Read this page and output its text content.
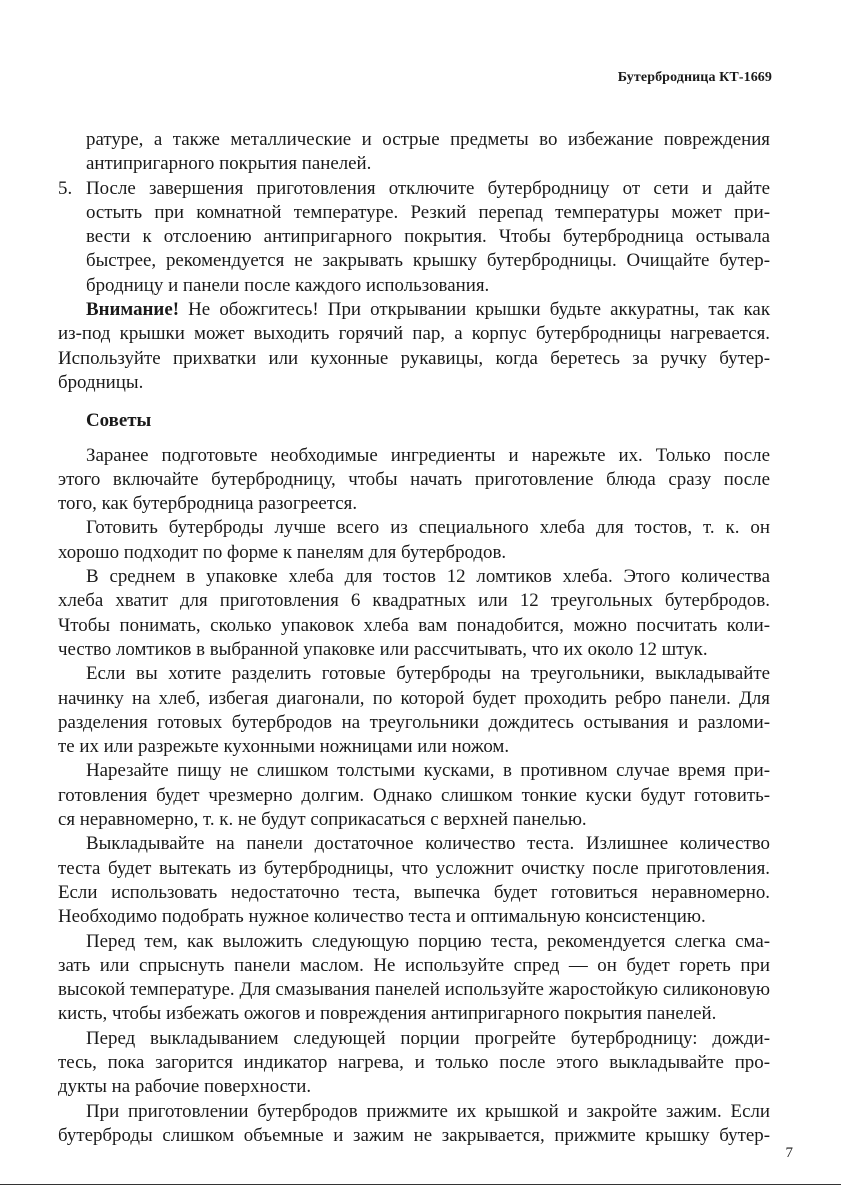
Бутербродница КТ-1669

ратуре, а также металлические и острые предметы во избежание повреждения
антипригарного покрытия панелей.

5. После завершения приготовления отключите бутербродницу от сети и дайте
остыть при комнатной температуре. Резкий перепад температуры может при-
вести к отслоению антипригарного покрытия. Чтобы бутербродница остывала
быстрее, рекомендуется не закрывать крышку бутербродницы. Очищайте бутер-
бродницу и панели после каждого использования.

Внимание! Не обожгитесь! При открывании крышки будьте аккуратны, так как
из-под крышки может выходить горячий пар, а корпус бутербродницы нагревается.
Используйте прихватки или кухонные рукавицы, когда беретесь за ручку бутер-
бродницы.

Советы

Заранее подготовьте необходимые ингредиенты и нарежьте их. Только после
этого включайте бутербродницу, чтобы начать приготовление блюда сразу после
того, как бутербродница разогреется.

Готовить бутерброды лучше всего из специального хлеба для тостов, т. к. он
хорошо подходит по форме к панелям для бутербродов.

В среднем в упаковке хлеба для тостов 12 ломтиков хлеба. Этого количества
хлеба хватит для приготовления 6 квадратных или 12 треугольных бутербродов.
Чтобы понимать, сколько упаковок хлеба вам понадобится, можно посчитать коли-
чество ломтиков в выбранной упаковке или рассчитывать, что их около 12 штук.

Если вы хотите разделить готовые бутерброды на треугольники, выкладывайте
начинку на хлеб, избегая диагонали, по которой будет проходить ребро панели. Для
разделения готовых бутербродов на треугольники дождитесь остывания и разломи-
те их или разрежьте кухонными ножницами или ножом.

Нарезайте пищу не слишком толстыми кусками, в противном случае время при-
готовления будет чрезмерно долгим. Однако слишком тонкие куски будут готовить-
ся неравномерно, т. к. не будут соприкасаться с верхней панелью.

Выкладывайте на панели достаточное количество теста. Излишнее количество
теста будет вытекать из бутербродницы, что усложнит очистку после приготовления.
Если использовать недостаточно теста, выпечка будет готовиться неравномерно.
Необходимо подобрать нужное количество теста и оптимальную консистенцию.

Перед тем, как выложить следующую порцию теста, рекомендуется слегка сма-
зать или спрыснуть панели маслом. Не используйте спред — он будет гореть при
высокой температуре. Для смазывания панелей используйте жаростойкую силиконовую
кисть, чтобы избежать ожогов и повреждения антипригарного покрытия панелей.

Перед выкладыванием следующей порции прогрейте бутербродницу: дожди-
тесь, пока загорится индикатор нагрева, и только после этого выкладывайте про-
дукты на рабочие поверхности.

При приготовлении бутербродов прижмите их крышкой и закройте зажим. Если
бутерброды слишком объемные и зажим не закрывается, прижмите крышку бутер-

7
